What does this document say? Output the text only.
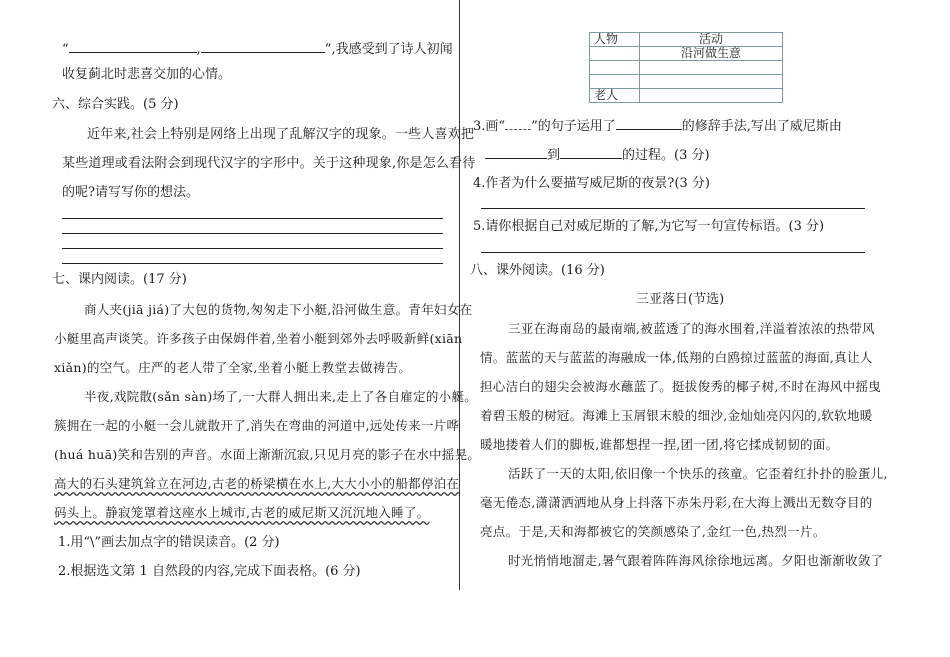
“	,	”,我感受到了诗人初闻
收复蓟北时悲喜交加的心情。
六、综合实践。(5 分)
近年来,社会上特别是网络上出现了乱解汉字的现象。一些人喜欢把
某些道理或看法附会到现代汉字的字形中。关于这种现象,你是怎么看待
的呢?请写写你的想法。
七、课内阅读。(17 分)
商人夹(jiā jiá)了大包的货物,匆匆走下小艇,沿河做生意。青年妇女在
小艇里高声谈笑。许多孩子由保姆伴着,坐着小艇到郊外去呼吸新鲜(xiān
xiǎn)的空气。庄严的老人带了全家,坐着小艇上教堂去做祷告。
半夜,戏院散(sǎn sàn)场了,一大群人拥出来,走上了各自雇定的小艇。
簇拥在一起的小艇一会儿就散开了,消失在弯曲的河道中,远处传来一片哗
(huá huā)笑和告别的声音。水面上渐渐沉寂,只见月亮的影子在水中摇晃。
高大的石头建筑耸立在河边,古老的桥梁横在水上,大大小小的船都停泊在
码头上。静寂笼罩着这座水上城市,古老的威尼斯又沉沉地入睡了。
1.用“\”画去加点字的错误读音。(2 分)
2.根据选文第 1 自然段的内容,完成下面表格。(6 分)
人物	活动
	沿河做生意

老人	
3.画“ ”的句子运用了	的修辞手法,写出了威尼斯由
到	的过程。(3 分)
4.作者为什么要描写威尼斯的夜景?(3 分)
5.请你根据自己对威尼斯的了解,为它写一句宣传标语。(3 分)
八、课外阅读。(16 分)
三亚落日(节选)
三亚在海南岛的最南端,被蓝透了的海水围着,洋溢着浓浓的热带风
情。蓝蓝的天与蓝蓝的海融成一体,低翔的白鸥掠过蓝蓝的海面,真让人
担心洁白的翅尖会被海水蘸蓝了。挺拔俊秀的椰子树,不时在海风中摇曳
着碧玉般的树冠。海滩上玉屑银末般的细沙,金灿灿亮闪闪的,软软地暖
暖地搂着人们的脚板,谁都想捏一捏,团一团,将它揉成韧韧的面。
活跃了一天的太阳,依旧像一个快乐的孩童。它歪着红扑扑的脸蛋儿,
毫无倦态,潇潇洒洒地从身上抖落下赤朱丹彩,在大海上溅出无数夺目的
亮点。于是,天和海都被它的笑颜感染了,金红一色,热烈一片。
时光悄悄地溜走,暑气跟着阵阵海风徐徐地远离。夕阳也渐渐收敛了
